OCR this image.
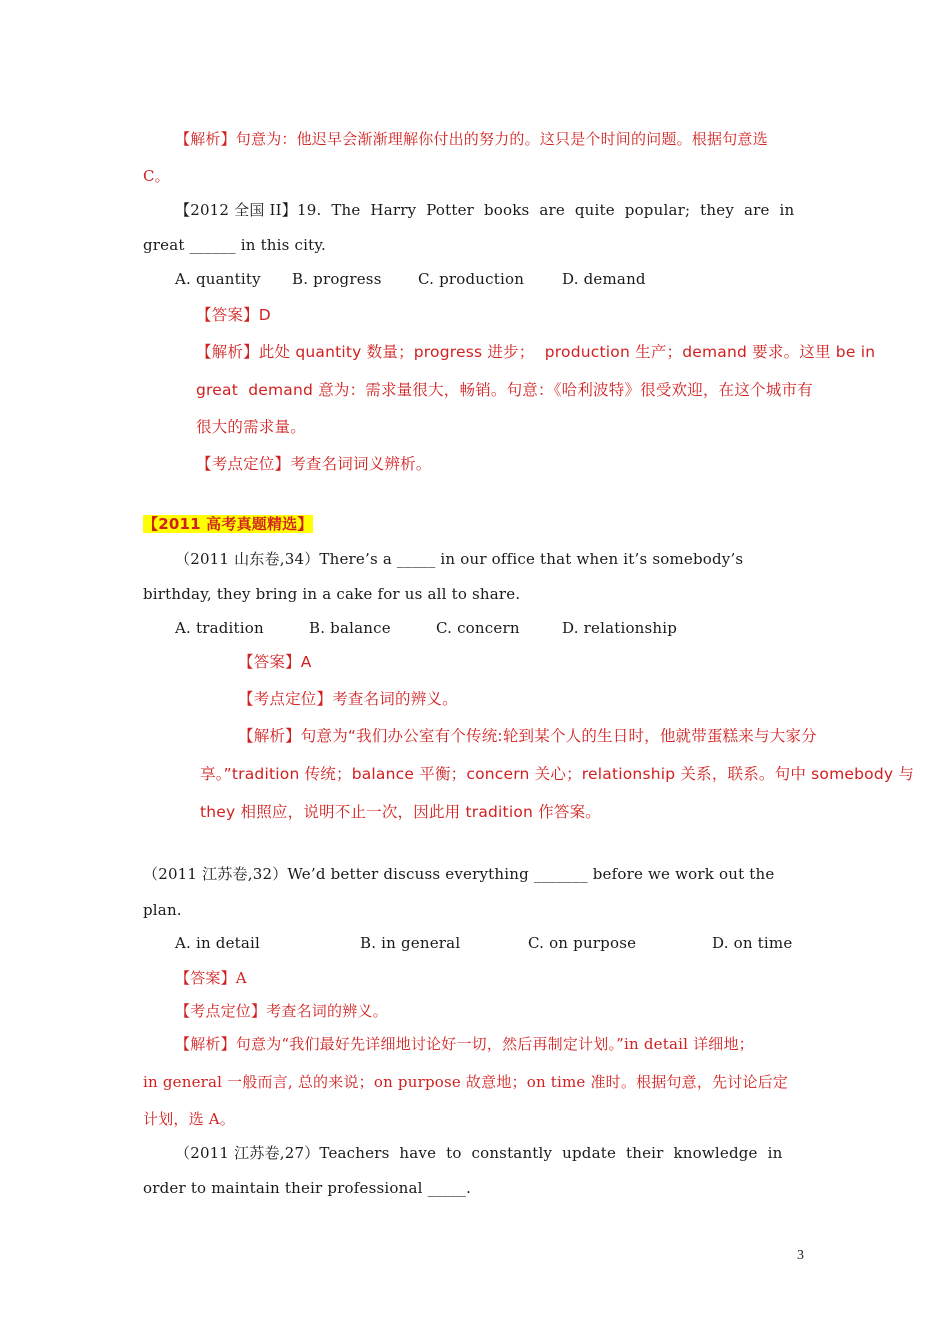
【解析】句意为：他迟早会渐渐理解你付出的努力的。这只是个时间的问题。根据句意选
C。
【2012 全国 II】19.  The  Harry  Potter  books  are  quite  popular;  they  are  in
great ______ in this city.
A. quantity B. progress C. production	D. demand
【答案】D
【解析】此处 quantity 数量；progress 进步；  production 生产；demand 要求。这里 be in
great  demand 意为：需求量很大，畅销。句意：《哈利波特》很受欢迎，在这个城市有
很大的需求量。
【考点定位】考查名词词义辨析。
【2011 高考真题精选】
（2011 山东卷,34）There’s a _____ in our office that when it’s somebody’s
birthday, they bring in a cake for us all to share.
A. tradition	B. balance	C. concern	D. relationship
【答案】A
【考点定位】考查名词的辨义。
【解析】句意为“我们办公室有个传统:轮到某个人的生日时，他就带蛋糕来与大家分
享。”tradition 传统；balance 平衡；concern 关心；relationship 关系，联系。句中 somebody 与
they 相照应，说明不止一次，因此用 tradition 作答案。
（2011 江苏卷,32）We’d better discuss everything _______ before we work out the
plan.
A. in detail	B. in general	C. on purpose	D. on time
【答案】A
【考点定位】考查名词的辨义。
【解析】句意为“我们最好先详细地讨论好一切，然后再制定计划。”in detail 详细地；
in general 一般而言, 总的来说；on purpose 故意地；on time 准时。根据句意，先讨论后定
计划，选 A。
（2011 江苏卷,27）Teachers  have  to  constantly  update  their  knowledge  in
order to maintain their professional _____.
3
